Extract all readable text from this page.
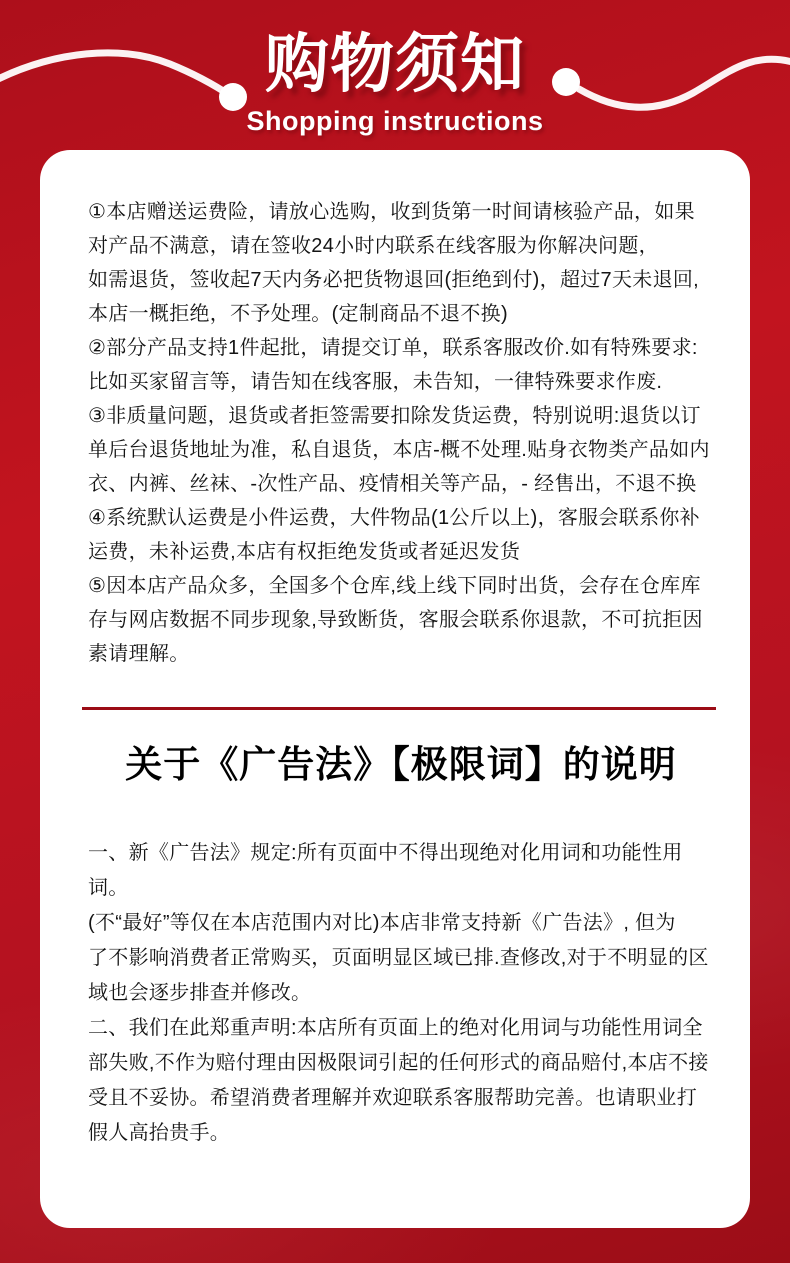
购物须知
Shopping instructions
①本店赠送运费险，请放心选购，收到货第一时间请核验产品，如果
对产品不满意，请在签收24小时内联系在线客服为你解决问题，
如需退货，签收起7天内务必把货物退回(拒绝到付)，超过7天未退回,
本店一概拒绝，不予处理。(定制商品不退不换)
②部分产品支持1件起批，请提交订单，联系客服改价.如有特殊要求:
比如买家留言等，请告知在线客服，未告知，一律特殊要求作废.
③非质量问题，退货或者拒签需要扣除发货运费，特别说明:退货以订
单后台退货地址为准，私自退货，本店-概不处理.贴身衣物类产品如内
衣、内裤、丝袜、-次性产品、疫情相关等产品，- 经售出，不退不换
④系统默认运费是小件运费，大件物品(1公斤以上)，客服会联系你补
运费，未补运费,本店有权拒绝发货或者延迟发货
⑤因本店产品众多，全国多个仓库,线上线下同时出货，会存在仓库库
存与网店数据不同步现象,导致断货，客服会联系你退款，不可抗拒因
素请理解。
关于《广告法》【极限词】的说明
一、新《广告法》规定:所有页面中不得出现绝对化用词和功能性用词。
(不“最好”等仅在本店范围内对比)本店非常支持新《广告法》, 但为
了不影响消费者正常购买，页面明显区域已排.查修改,对于不明显的区
域也会逐步排查并修改。
二、我们在此郑重声明:本店所有页面上的绝对化用词与功能性用词全
部失败,不作为赔付理由因极限词引起的任何形式的商品赔付,本店不接
受且不妥协。希望消费者理解并欢迎联系客服帮助完善。也请职业打
假人高抬贵手。
